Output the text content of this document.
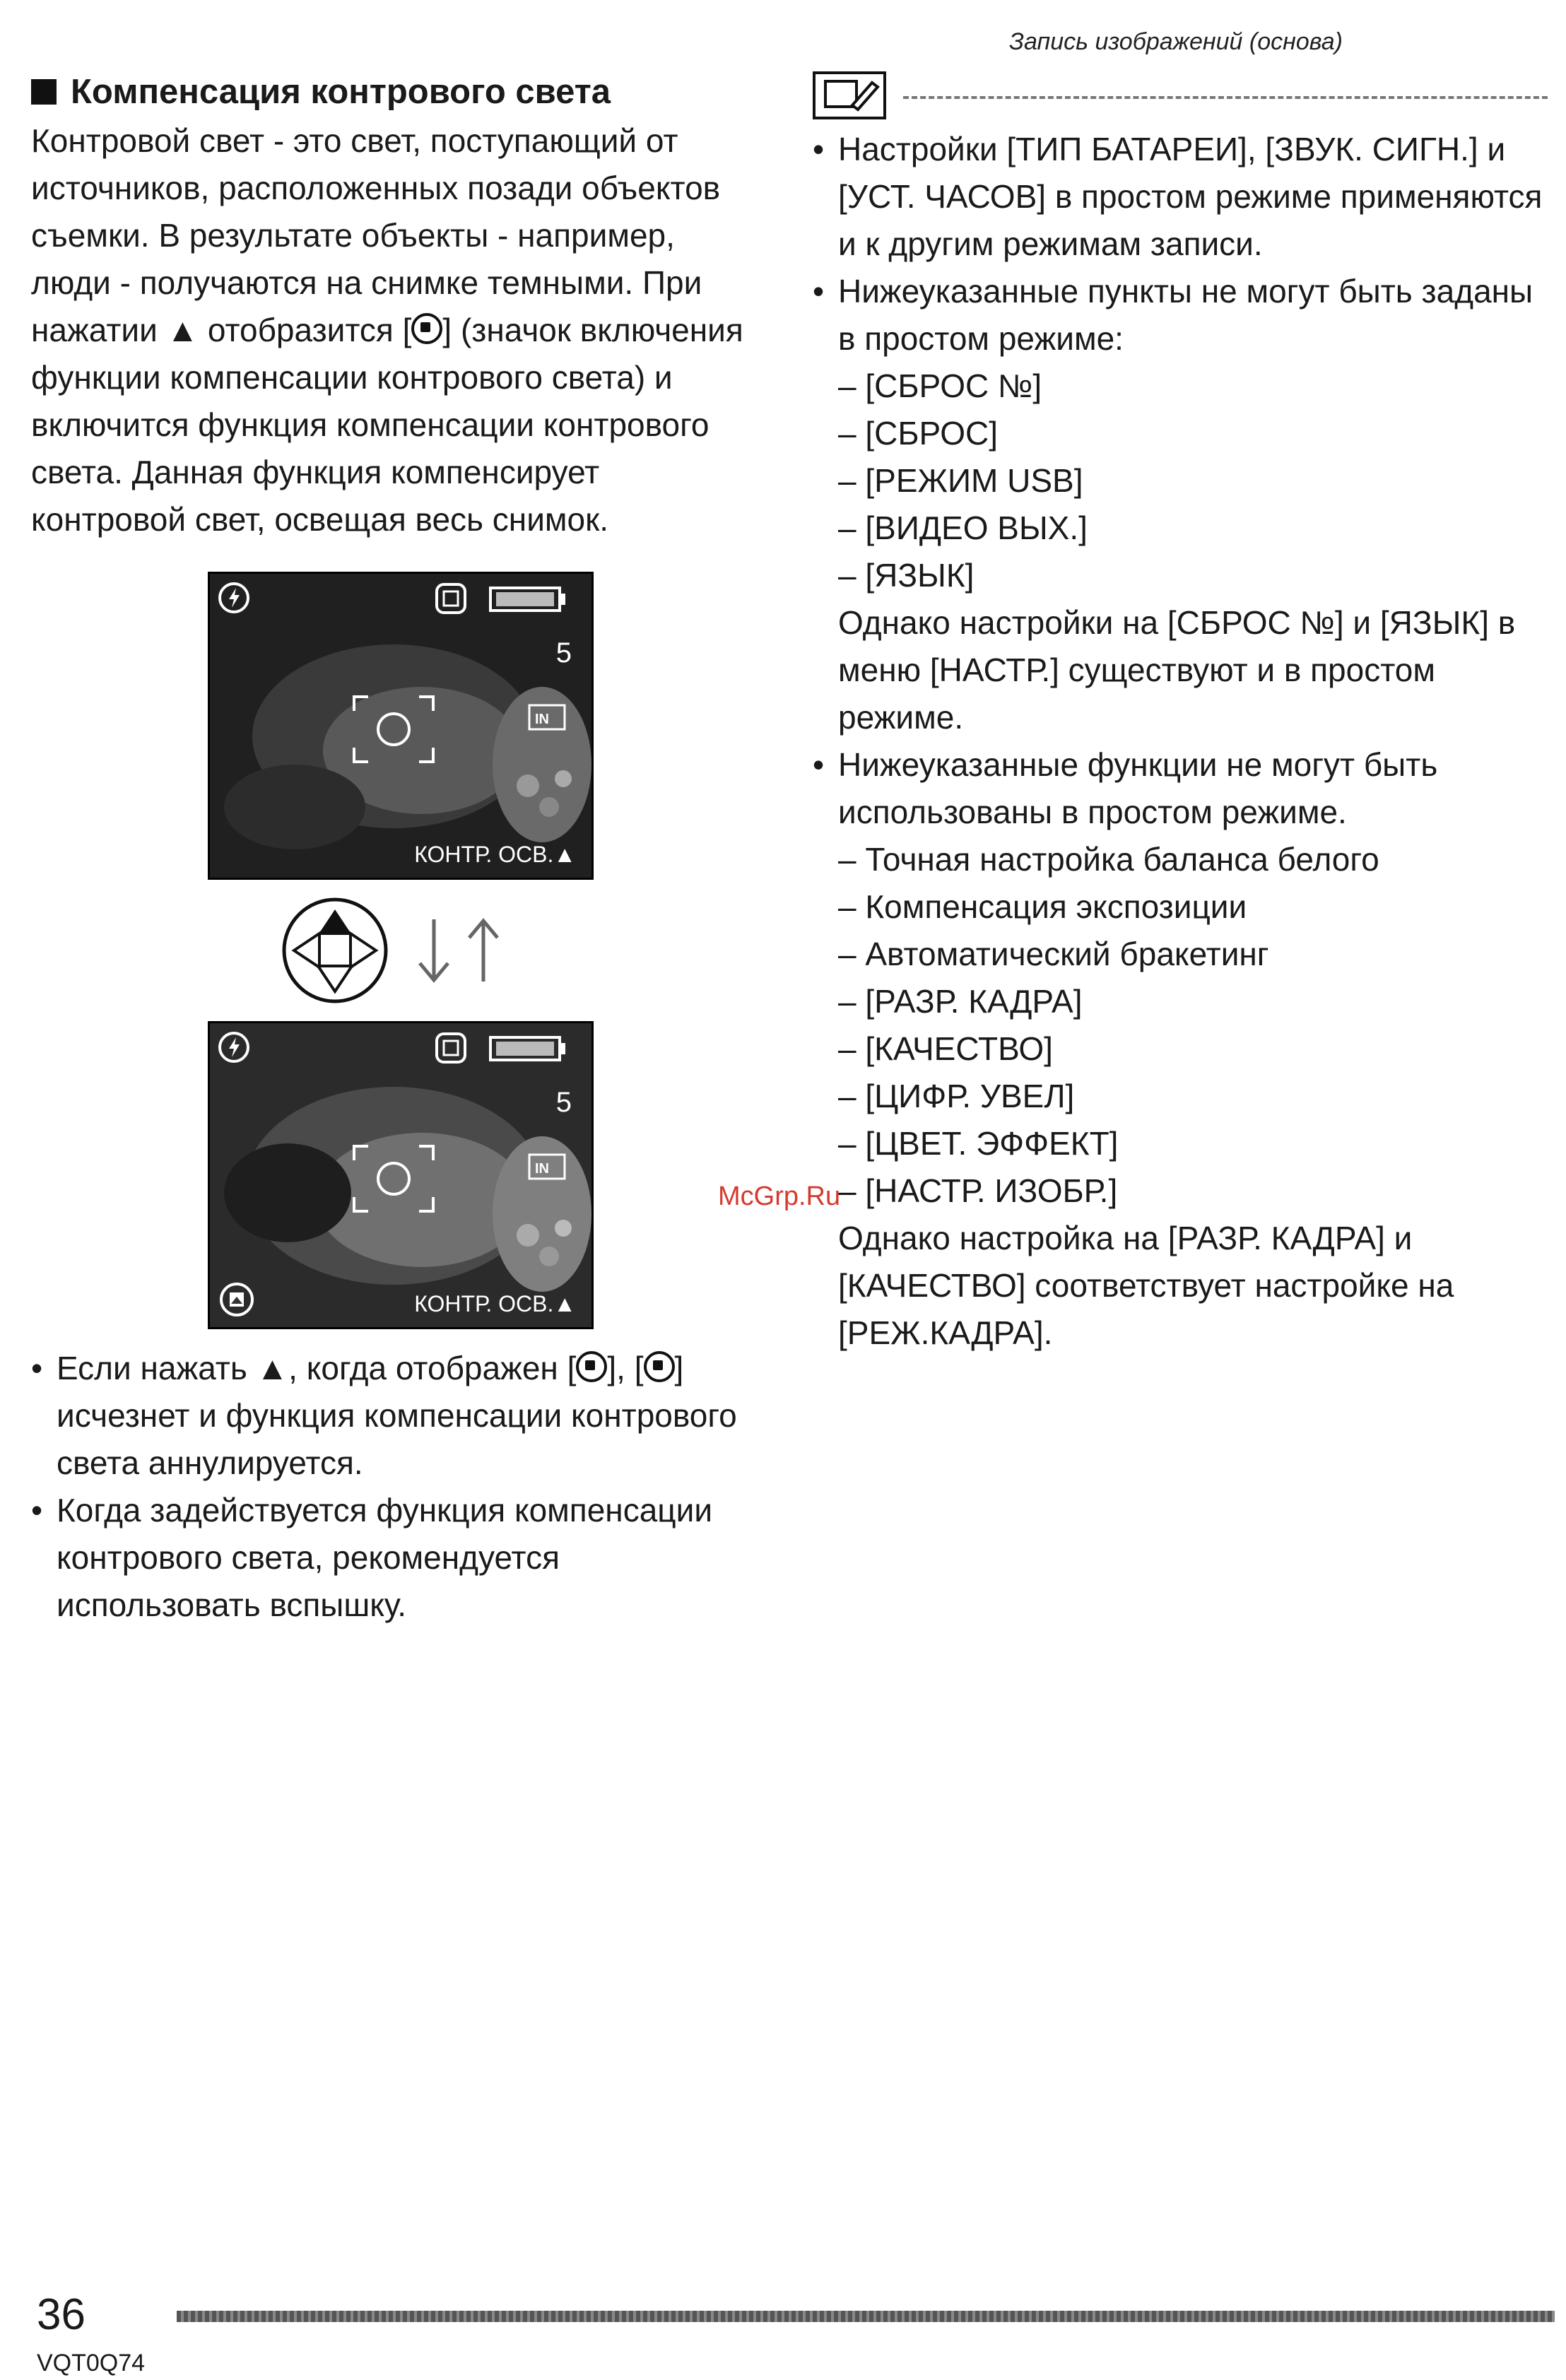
Запись изображений (основа)
Компенсация контрового света

Контровой свет - это свет, поступающий от источников, расположенных позади объектов съемки. В результате объекты - например, люди - получаются на снимке темными. При нажатии ▲ отобразится [ ] (значок включения функции компенсации контрового света) и включится функция компенсации контрового света. Данная функция компенсирует контровой свет, освещая весь снимок.

5
IN
КОНТР. ОСВ.▲
5
IN
КОНТР. ОСВ.▲
• Если нажать ▲, когда отображен [ ], [ ] исчезнет и функция компенсации контрового света аннулируется.
• Когда задействуется функция компенсации контрового света, рекомендуется использовать вспышку.
• Настройки [ТИП БАТАРЕИ], [ЗВУК. СИГН.] и [УСТ. ЧАСОВ] в простом режиме применяются и к другим режимам записи.
• Нижеуказанные пункты не могут быть заданы в простом режиме:
– [СБРОС №]
– [СБРОС]
– [РЕЖИМ USB]
– [ВИДЕО ВЫХ.]
– [ЯЗЫК]

Однако настройки на [СБРОС №] и [ЯЗЫК] в меню [НАСТР.] существуют и в простом режиме.

• Нижеуказанные функции не могут быть использованы в простом режиме.
– Точная настройка баланса белого
– Компенсация экспозиции
– Автоматический бракетинг
– [РАЗР. КАДРА]
– [КАЧЕСТВО]
– [ЦИФР. УВЕЛ]
– [ЦВЕТ. ЭФФЕКТ]
– [НАСТР. ИЗОБР.]

Однако настройка на [РАЗР. КАДРА] и [КАЧЕСТВО] соответствует настройке на [РЕЖ.КАДРА].

McGrp.Ru
36
VQT0Q74
